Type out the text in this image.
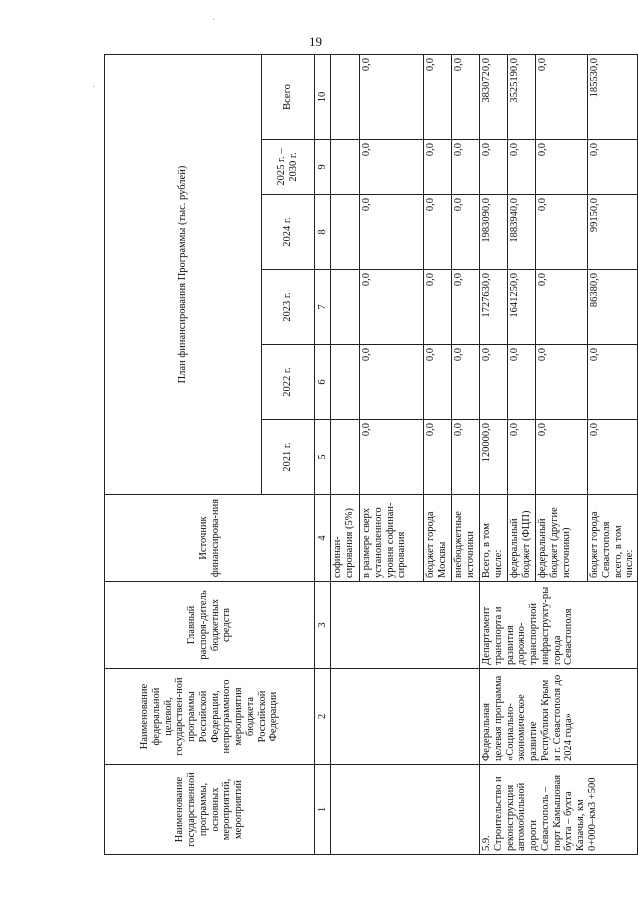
19
·
·
Наименование государственной программы, основных мероприятий, мероприятий	Наименование федеральной целевой, государствен-ной программы Российской Федерации, непрограммного мероприятия бюджета Российской Федерации	Главный распоря-дитель бюджетных средств	Источник финансирова-ния	План финансирования Программы (тыс. рублей)					
				2021 г.	2022 г.	2023 г.	2024 г.	2025 г. – 2030 г.	Всего
1	2	3	4	5	6	7	8	9	10
			софинан-сирования (5%)						
			в размере сверх установленного уровня софинан-сирования	0,0	0,0	0,0	0,0	0,0	0,0
			бюджет города Москвы	0,0	0,0	0,0	0,0	0,0	0,0
			внебюджетные источники	0,0	0,0	0,0	0,0	0,0	0,0
5.9. Строительство и реконструкция автомобильной дороги Севастополь – порт Камышовая бухта – бухта Казачья, км 0+000–км3 +500	Федеральная целевая программа «Социально-экономическое развитие Республики Крым и г. Севастополя до 2024 года»	Департамент транспорта и развития дорожно-транспортной инфраструкту-ры города Севастополя	Всего, в том числе:	120000,0	0,0	1727630,0	1983090,0	0,0	3830720,0
			федеральный бюджет (ФЦП)	0,0	0,0	1641250,0	1883940,0	0,0	3525190,0
			федеральный бюджет (другие источники)	0,0	0,0	0,0	0,0	0,0	0,0
			бюджет города Севастополя всего, в том числе:	0,0	0,0	86380,0	99150,0	0,0	185530,0
